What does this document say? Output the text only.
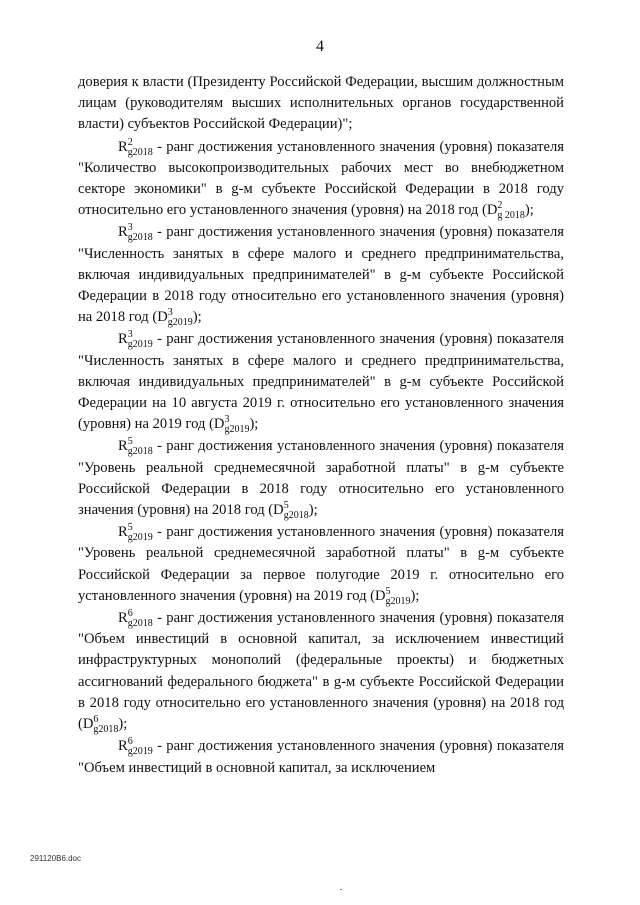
4

доверия к власти (Президенту Российской Федерации, высшим должностным лицам (руководителям высших исполнительных органов государственной власти) субъектов Российской Федерации)";

$R^2_{g2018}$ - ранг достижения установленного значения (уровня) показателя "Количество высокопроизводительных рабочих мест во внебюджетном секторе экономики" в g-м субъекте Российской Федерации в 2018 году относительно его установленного значения (уровня) на 2018 год $(D^2_{g 2018})$;

$R^3_{g2018}$ - ранг достижения установленного значения (уровня) показателя "Численность занятых в сфере малого и среднего предпринимательства, включая индивидуальных предпринимателей" в g-м субъекте Российской Федерации в 2018 году относительно его установленного значения (уровня) на 2018 год $(D^3_{g2019})$;

$R^3_{g2019}$ - ранг достижения установленного значения (уровня) показателя "Численность занятых в сфере малого и среднего предпринимательства, включая индивидуальных предпринимателей" в g-м субъекте Российской Федерации на 10 августа 2019 г. относительно его установленного значения (уровня) на 2019 год $(D^3_{g2019})$;

$R^5_{g2018}$ - ранг достижения установленного значения (уровня) показателя "Уровень реальной среднемесячной заработной платы" в g-м субъекте Российской Федерации в 2018 году относительно его установленного значения (уровня) на 2018 год $(D^5_{g2018})$;

$R^5_{g2019}$ - ранг достижения установленного значения (уровня) показателя "Уровень реальной среднемесячной заработной платы" в g-м субъекте Российской Федерации за первое полугодие 2019 г. относительно его установленного значения (уровня) на 2019 год $(D^5_{g2019})$;

$R^6_{g2018}$ - ранг достижения установленного значения (уровня) показателя "Объем инвестиций в основной капитал, за исключением инвестиций инфраструктурных монополий (федеральные проекты) и бюджетных ассигнований федерального бюджета" в g-м субъекте Российской Федерации в 2018 году относительно его установленного значения (уровня) на 2018 год $(D^6_{g2018})$;

$R^6_{g2019}$ - ранг достижения установленного значения (уровня) показателя "Объем инвестиций в основной капитал, за исключением

291120В6.doc
